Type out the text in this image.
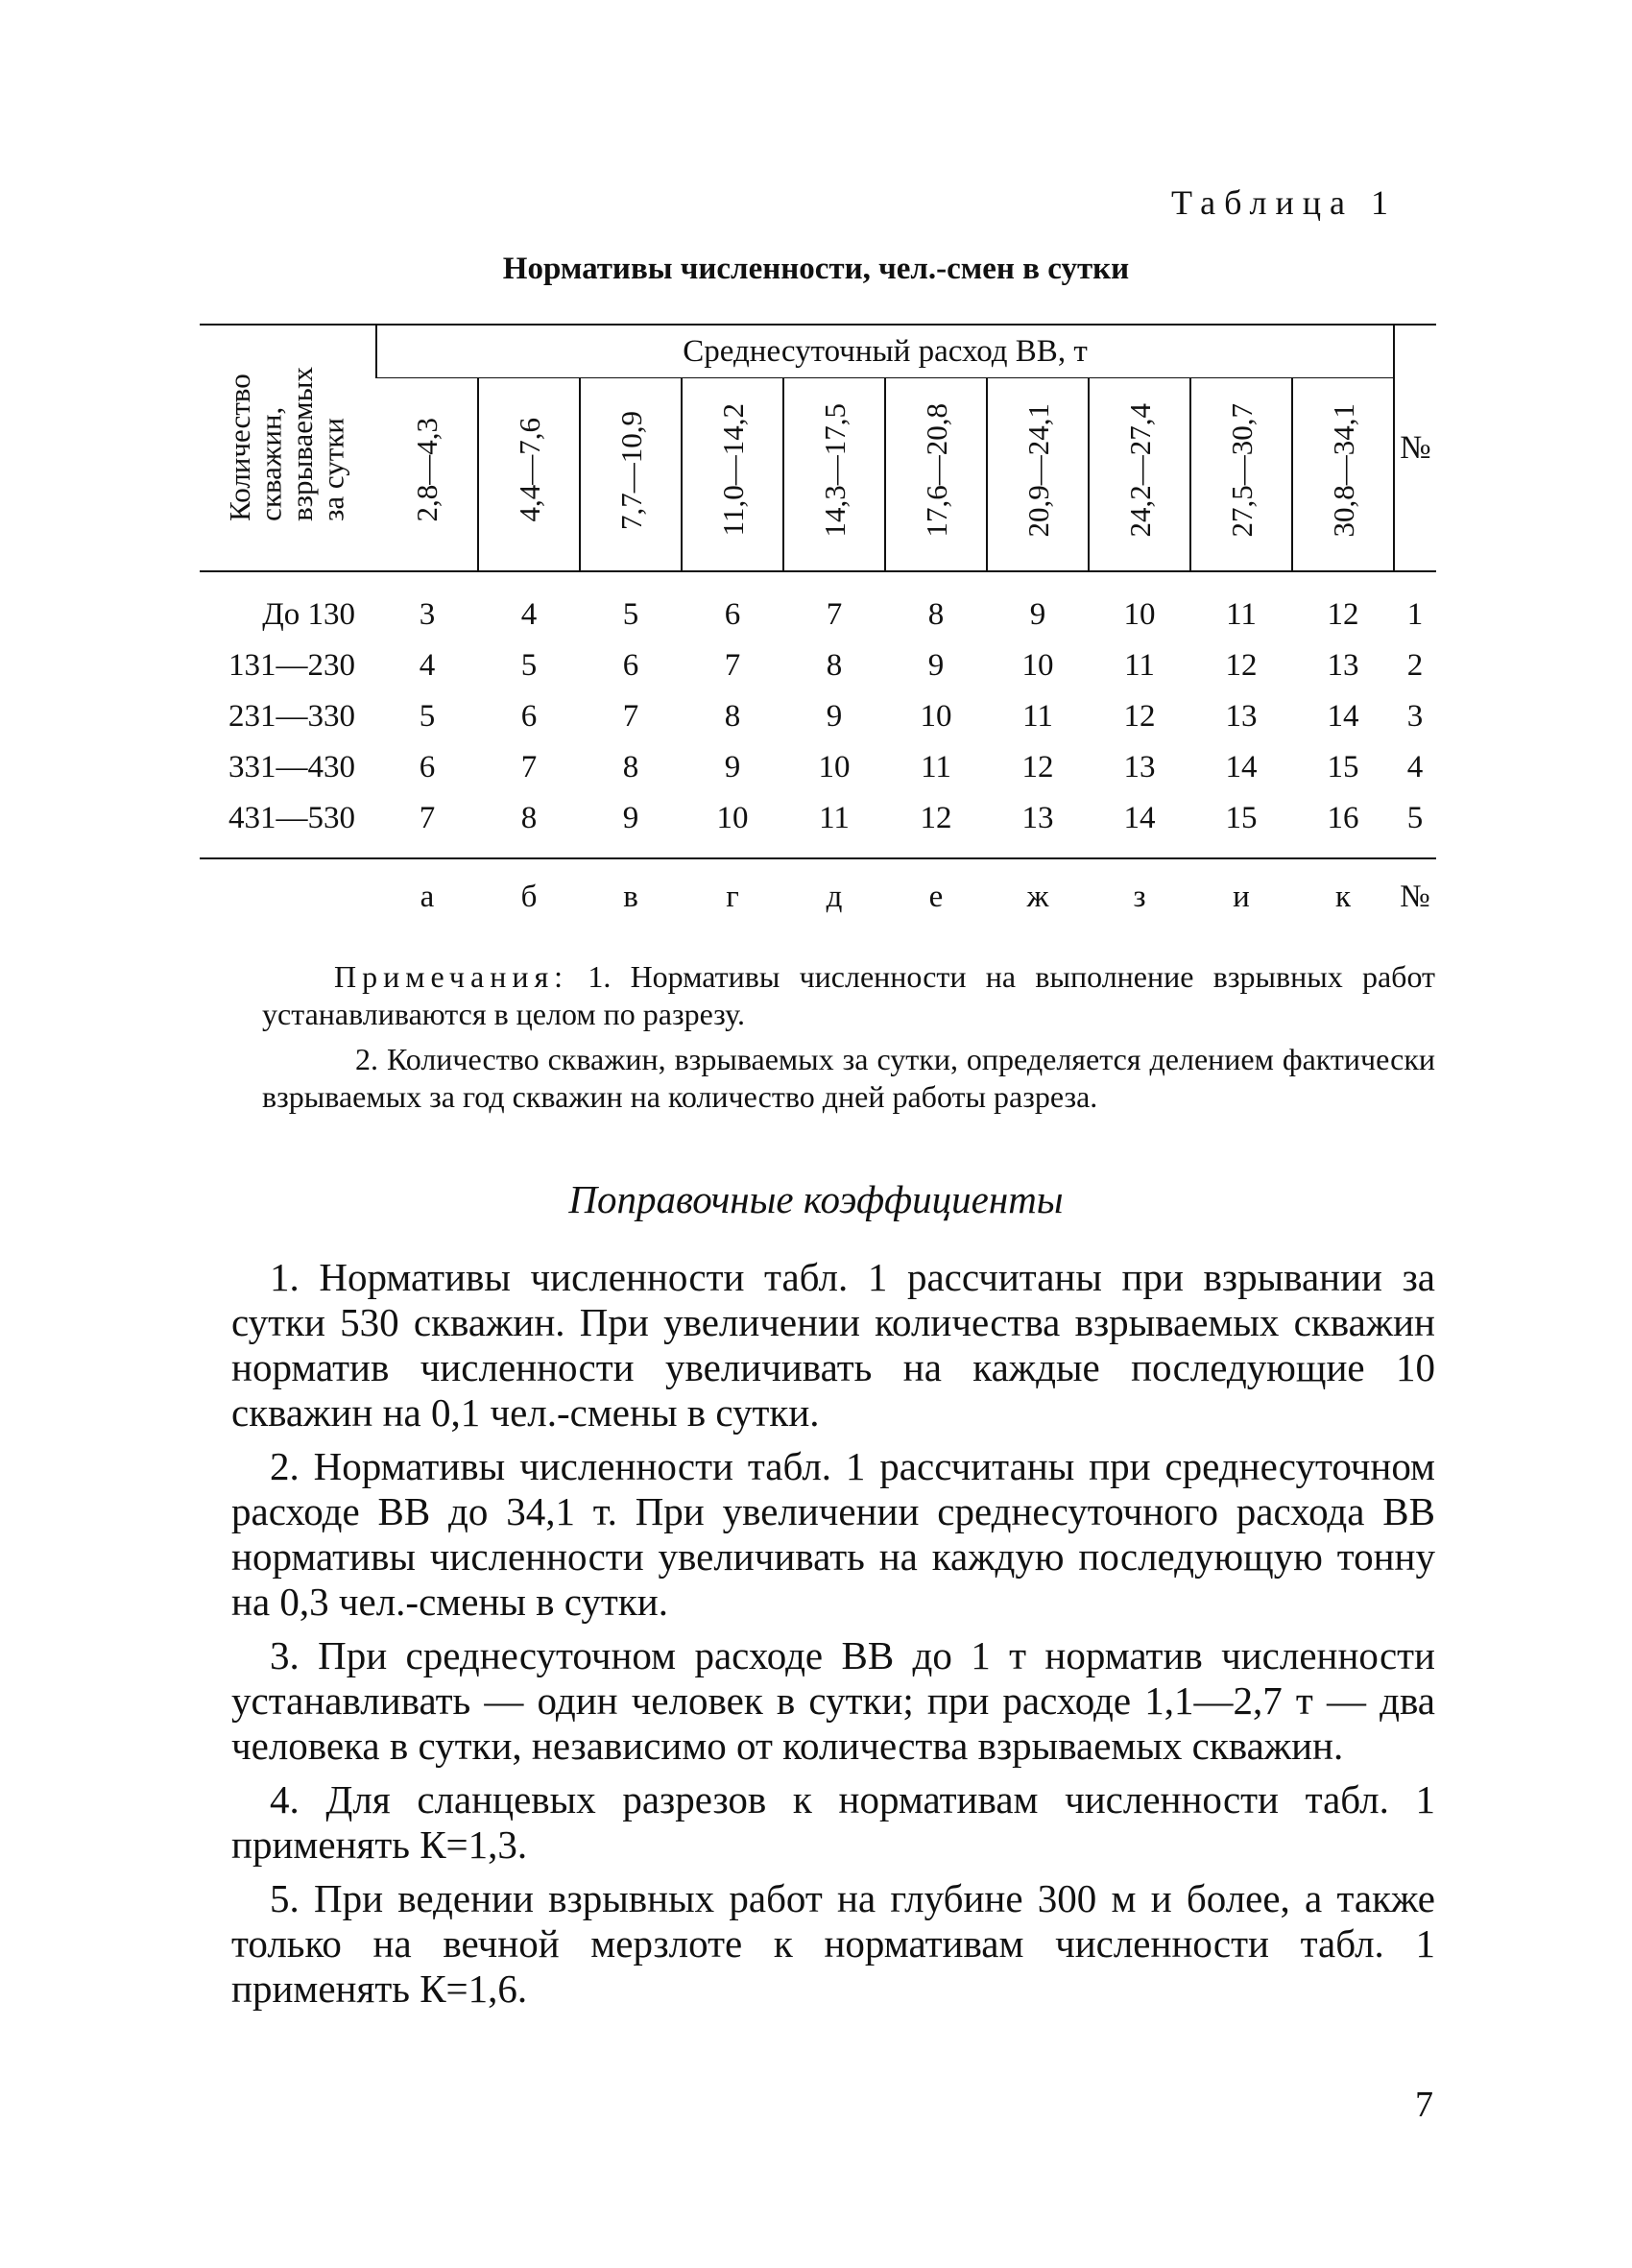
Таблица 1
Нормативы численности, чел.-смен в сутки
Количество
скважин,
взрываемых
за сутки	Среднесуточный расход ВВ, т										№
	2,8—4,3	4,4—7,6	7,7—10,9	11,0—14,2	14,3—17,5	17,6—20,8	20,9—24,1	24,2—27,4	27,5—30,7	30,8—34,1	
До 130	3	4	5	6	7	8	9	10	11	12	1
131—230	4	5	6	7	8	9	10	11	12	13	2
231—330	5	6	7	8	9	10	11	12	13	14	3
331—430	6	7	8	9	10	11	12	13	14	15	4
431—530	7	8	9	10	11	12	13	14	15	16	5
	а	б	в	г	д	е	ж	з	и	к	№

Примечания: 1. Нормативы численности на выполнение взрывных работ устанавливаются в целом по разрезу.

2. Количество скважин, взрываемых за сутки, определяется делением фактически взрываемых за год скважин на количество дней работы разреза.

Поправочные коэффициенты

1. Нормативы численности табл. 1 рассчитаны при взрывании за сутки 530 скважин. При увеличении количества взрываемых скважин норматив численности увеличивать на каждые последующие 10 скважин на 0,1 чел.-смены в сутки.

2. Нормативы численности табл. 1 рассчитаны при среднесуточном расходе ВВ до 34,1 т. При увеличении среднесуточного расхода ВВ нормативы численности увеличивать на каждую последующую тонну на 0,3 чел.-смены в сутки.

3. При среднесуточном расходе ВВ до 1 т норматив численности устанавливать — один человек в сутки; при расходе 1,1—2,7 т — два человека в сутки, независимо от количества взрываемых скважин.

4. Для сланцевых разрезов к нормативам численности табл. 1 применять К=1,3.

5. При ведении взрывных работ на глубине 300 м и более, а также только на вечной мерзлоте к нормативам численности табл. 1 применять К=1,6.

7
